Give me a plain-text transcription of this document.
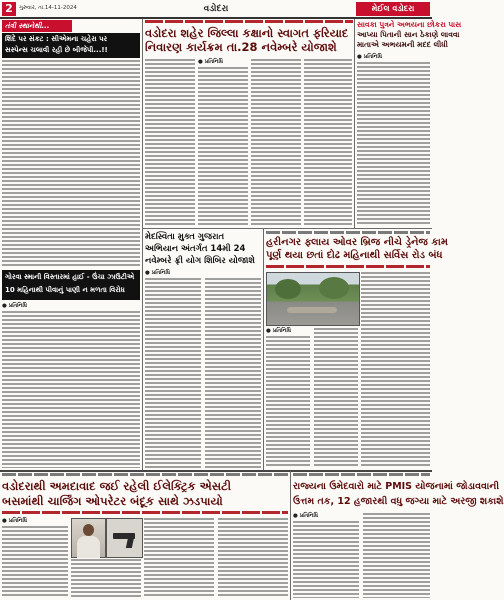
2	ગુરુવાર, તા.14-11-2024	વડોદરા	મેઈલ વડોદરા
તંત્રી સ્થાનેથી...
શિંદે પર સંકટ : સીએમના ચહેરા પર
સસ્પેન્સ ચલાવી રહી છે બીજેપી...!!
ગોરવા સ્માની વિસ્તારમાં હાઈ - ઉંચા ઝાઉટીએ
10 મહિનાથી પીવાનું પાણી ન મળતા વિરોધ
● પ્રતિનિધિ
વડોદરા શહેર જિલ્લા કક્ષાનો સ્વાગત ફરિયાદ
નિવારણ કાર્યક્રમ તા.28 નવેમ્બરે યોજાશે
● પ્રતિનિધિ
સાવકા પુત્રને અભયના છોકરા પાસ
આપ્યા પિતાની સાન ઠેકાણે લાવવા
માતાએ અભયમની મદદ લીધી
● પ્રતિનિધિ
મેદસ્વિતા મુક્ત ગુજરાત
અભિયાન અંતર્ગત 14મી 24
નવેમ્બરે ફ્રી યોગ શિબિર યોજાશે
● પ્રતિનિધિ
હરીનગર ફ્લાય ઓવર બ્રિજ નીચે ડ્રેનેજ કામ
પૂર્ણ થયા છતાં દોઢ મહિનાથી સર્વિસ રોડ બંધ
● પ્રતિનિધિ
વડોદરાથી અમદાવાદ જઈ રહેલી ઈલેક્ટ્રિક એસટી
બસમાંથી ચાર્જિંગ ઓપરેટર બંદૂક સાથે ઝડપાયો
● પ્રતિનિધિ
રાજ્યના ઉમેદવારો માટે PMIS યોજનામાં જોડાવવાની
ઉત્તમ તક, 12 હજારથી વધુ જગ્યા માટે અરજી શકાશે
● પ્રતિનિધિ
